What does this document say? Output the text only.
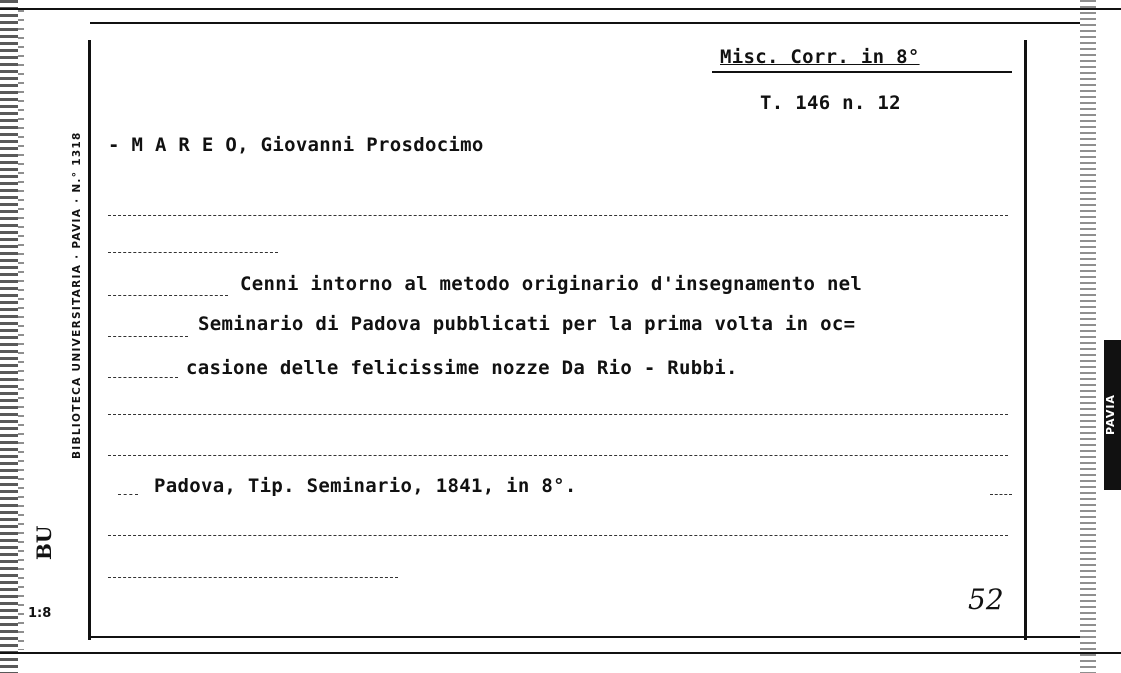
PAVIA
BIBLIOTECA UNIVERSITARIA · PAVIA · N.° 1318
BU
1:8
Misc. Corr. in 8°
T. 146 n. 12
- M A R E O, Giovanni Prosdocimo
Cenni intorno al metodo originario d'insegnamento nel
Seminario di Padova pubblicati per la prima volta in oc=
casione delle felicissime nozze Da Rio - Rubbi.
Padova, Tip. Seminario, 1841, in 8°.
52
